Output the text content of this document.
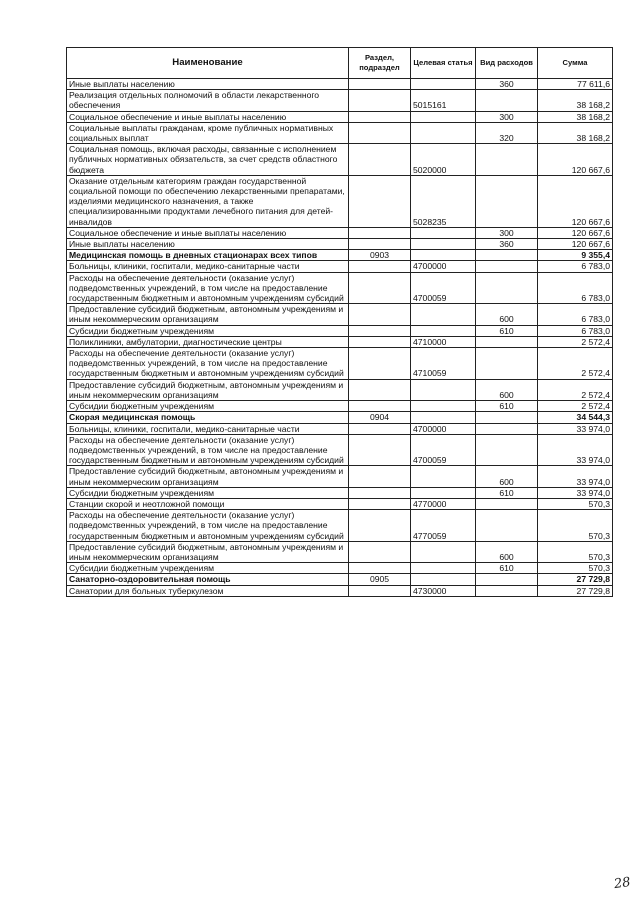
Наименование	Раздел, подраздел	Целевая статья	Вид расходов	Сумма
Иные выплаты населению			360	77 611,6
Реализация отдельных полномочий в области лекарственного обеспечения		5015161		38 168,2
Социальное обеспечение и иные выплаты населению			300	38 168,2
Социальные выплаты гражданам, кроме публичных нормативных социальных выплат			320	38 168,2
Социальная помощь, включая расходы, связанные с исполнением публичных нормативных обязательств, за счет средств областного бюджета		5020000		120 667,6
Оказание отдельным категориям граждан государственной социальной помощи по обеспечению лекарственными препаратами, изделиями медицинского назначения, а также специализированными продуктами лечебного питания для детей-инвалидов		5028235		120 667,6
Социальное обеспечение и иные выплаты населению			300	120 667,6
Иные выплаты населению			360	120 667,6
Медицинская помощь в дневных стационарах всех типов	0903			9 355,4
Больницы, клиники, госпитали, медико-санитарные части		4700000		6 783,0
Расходы на обеспечение деятельности (оказание услуг) подведомственных учреждений, в том числе на предоставление государственным бюджетным и автономным учреждениям субсидий		4700059		6 783,0
Предоставление субсидий бюджетным, автономным учреждениям и иным некоммерческим организациям			600	6 783,0
Субсидии бюджетным учреждениям			610	6 783,0
Поликлиники, амбулатории, диагностические центры		4710000		2 572,4
Расходы на обеспечение деятельности (оказание услуг) подведомственных учреждений, в том числе на предоставление государственным бюджетным и автономным учреждениям субсидий		4710059		2 572,4
Предоставление субсидий бюджетным, автономным учреждениям и иным некоммерческим организациям			600	2 572,4
Субсидии бюджетным учреждениям			610	2 572,4
Скорая медицинская помощь	0904			34 544,3
Больницы, клиники, госпитали, медико-санитарные части		4700000		33 974,0
Расходы на обеспечение деятельности (оказание услуг) подведомственных учреждений, в том числе на предоставление государственным бюджетным и автономным учреждениям субсидий		4700059		33 974,0
Предоставление субсидий бюджетным, автономным учреждениям и иным некоммерческим организациям			600	33 974,0
Субсидии бюджетным учреждениям			610	33 974,0
Станции скорой и неотложной помощи		4770000		570,3
Расходы на обеспечение деятельности (оказание услуг) подведомственных учреждений, в том числе на предоставление государственным бюджетным и автономным учреждениям субсидий		4770059		570,3
Предоставление субсидий бюджетным, автономным учреждениям и иным некоммерческим организациям			600	570,3
Субсидии бюджетным учреждениям			610	570,3
Санаторно-оздоровительная помощь	0905			27 729,8
Санатории для больных туберкулезом		4730000		27 729,8
28
